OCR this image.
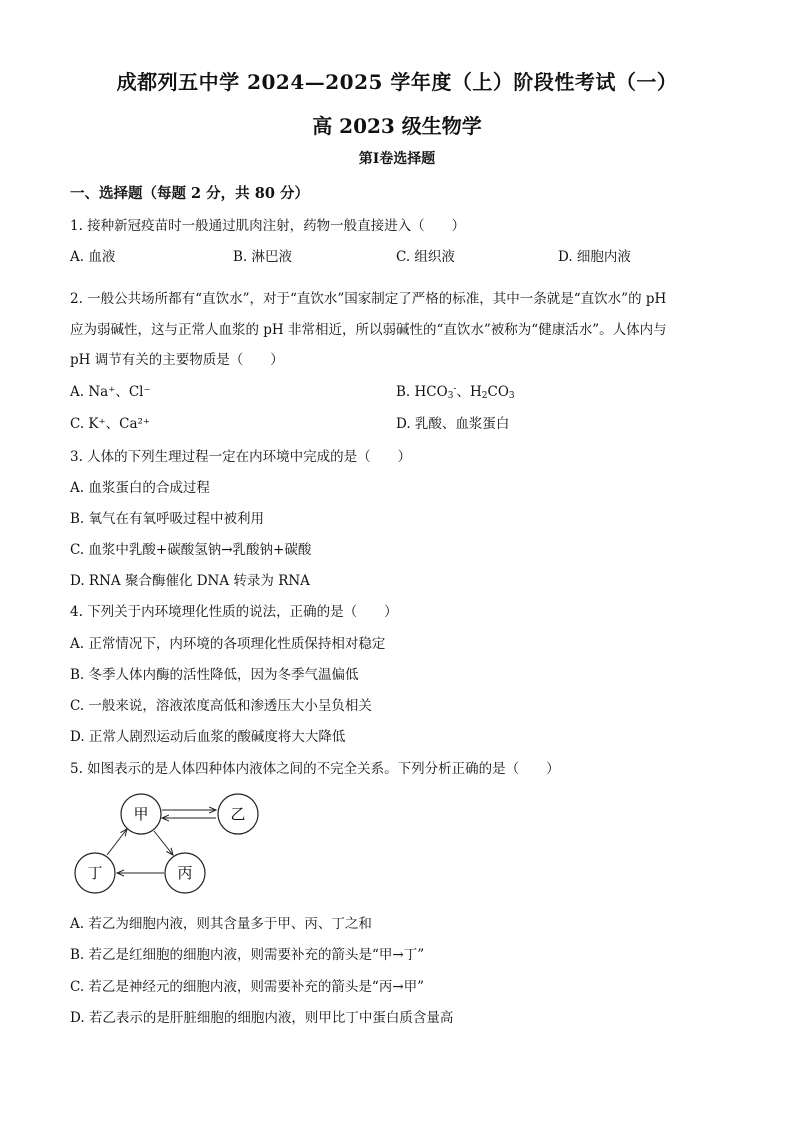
成都列五中学 2024—2025 学年度（上）阶段性考试（一）
高 2023 级生物学
第Ⅰ卷选择题
一、选择题（每题 2 分，共 80 分）
1. 接种新冠疫苗时一般通过肌肉注射，药物一般直接进入（　　）
A. 血液	B. 淋巴液	C. 组织液	D. 细胞内液
2. 一般公共场所都有“直饮水”，对于“直饮水”国家制定了严格的标准，其中一条就是“直饮水”的 pH
应为弱碱性，这与正常人血浆的 pH 非常相近，所以弱碱性的“直饮水”被称为“健康活水”。人体内与
pH 调节有关的主要物质是（　　）
A. Na⁺、Cl⁻	B. $HCO_3^-$、$H_2CO_3$
C. K⁺、Ca²⁺	D. 乳酸、血浆蛋白
3. 人体的下列生理过程一定在内环境中完成的是（　　）
A. 血浆蛋白的合成过程
B. 氧气在有氧呼吸过程中被利用
C. 血浆中乳酸+碳酸氢钠→乳酸钠+碳酸
D. RNA 聚合酶催化 DNA 转录为 RNA
4. 下列关于内环境理化性质的说法，正确的是（　　）
A. 正常情况下，内环境的各项理化性质保持相对稳定
B. 冬季人体内酶的活性降低，因为冬季气温偏低
C. 一般来说，溶液浓度高低和渗透压大小呈负相关
D. 正常人剧烈运动后血浆的酸碱度将大大降低
5. 如图表示的是人体四种体内液体之间的不完全关系。下列分析正确的是（　　）
甲	乙
丁	丙
A. 若乙为细胞内液，则其含量多于甲、丙、丁之和
B. 若乙是红细胞的细胞内液，则需要补充的箭头是“甲→丁”
C. 若乙是神经元的细胞内液，则需要补充的箭头是“丙→甲”
D. 若乙表示的是肝脏细胞的细胞内液，则甲比丁中蛋白质含量高
